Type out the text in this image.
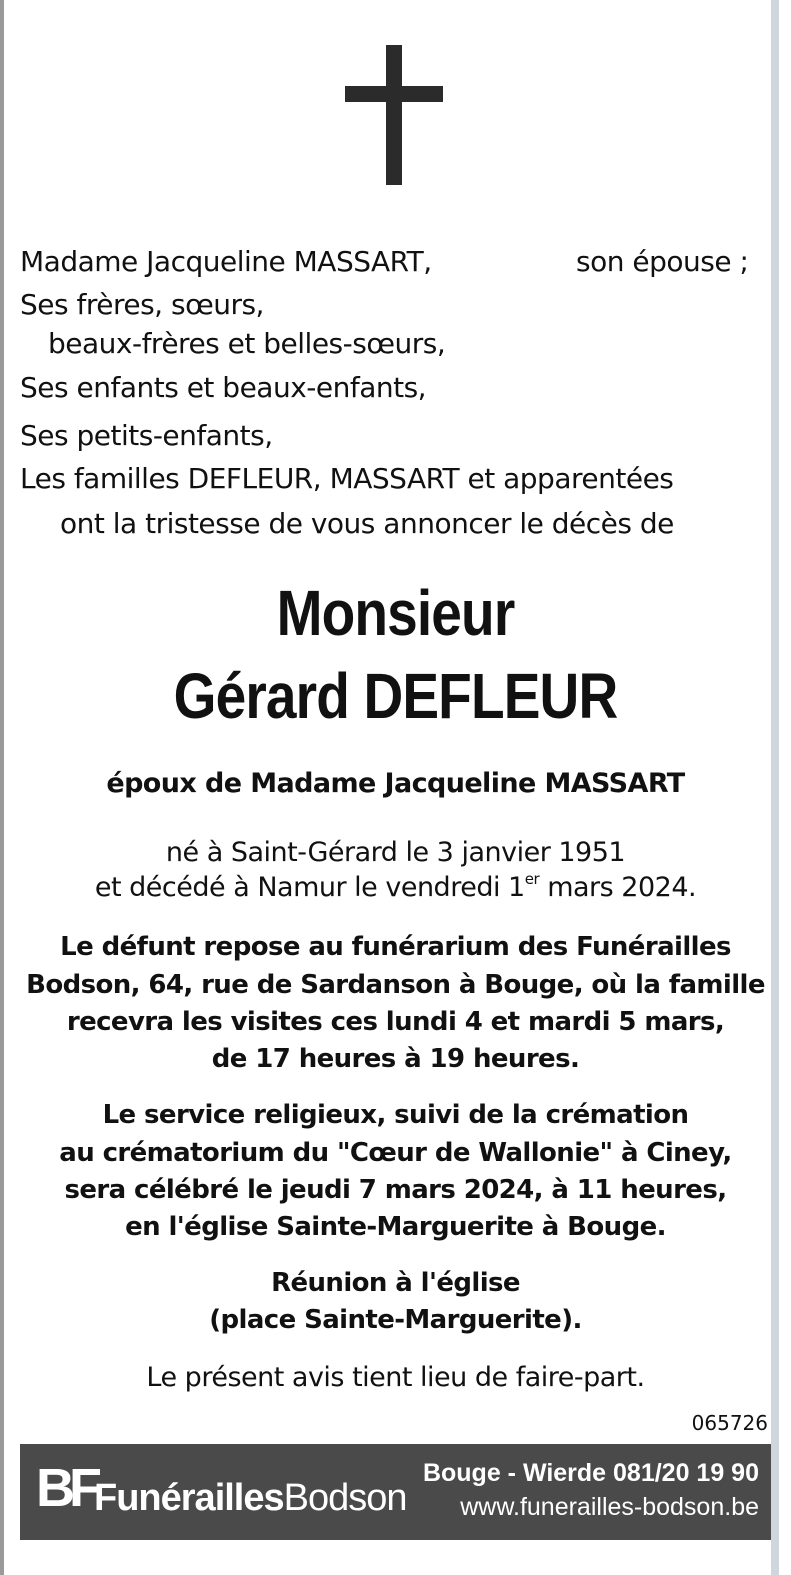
Madame Jacqueline MASSART,	son épouse ;
Ses frères, sœurs,
beaux-frères et belles-sœurs,
Ses enfants et beaux-enfants,
Ses petits-enfants,
Les familles DEFLEUR, MASSART et apparentées
ont la tristesse de vous annoncer le décès de
Monsieur
Gérard DEFLEUR
époux de Madame Jacqueline MASSART
né à Saint-Gérard le 3 janvier 1951
et décédé à Namur le vendredi 1er mars 2024.
Le défunt repose au funérarium des Funérailles
Bodson, 64, rue de Sardanson à Bouge, où la famille
recevra les visites ces lundi 4 et mardi 5 mars,
de 17 heures à 19 heures.
Le service religieux, suivi de la crémation
au crématorium du "Cœur de Wallonie" à Ciney,
sera célébré le jeudi 7 mars 2024, à 11 heures,
en l'église Sainte-Marguerite à Bouge.
Réunion à l'église
(place Sainte-Marguerite).
Le présent avis tient lieu de faire-part.
065726
BF
FunéraillesBodson
Bouge - Wierde 081/20 19 90
www.funerailles-bodson.be
